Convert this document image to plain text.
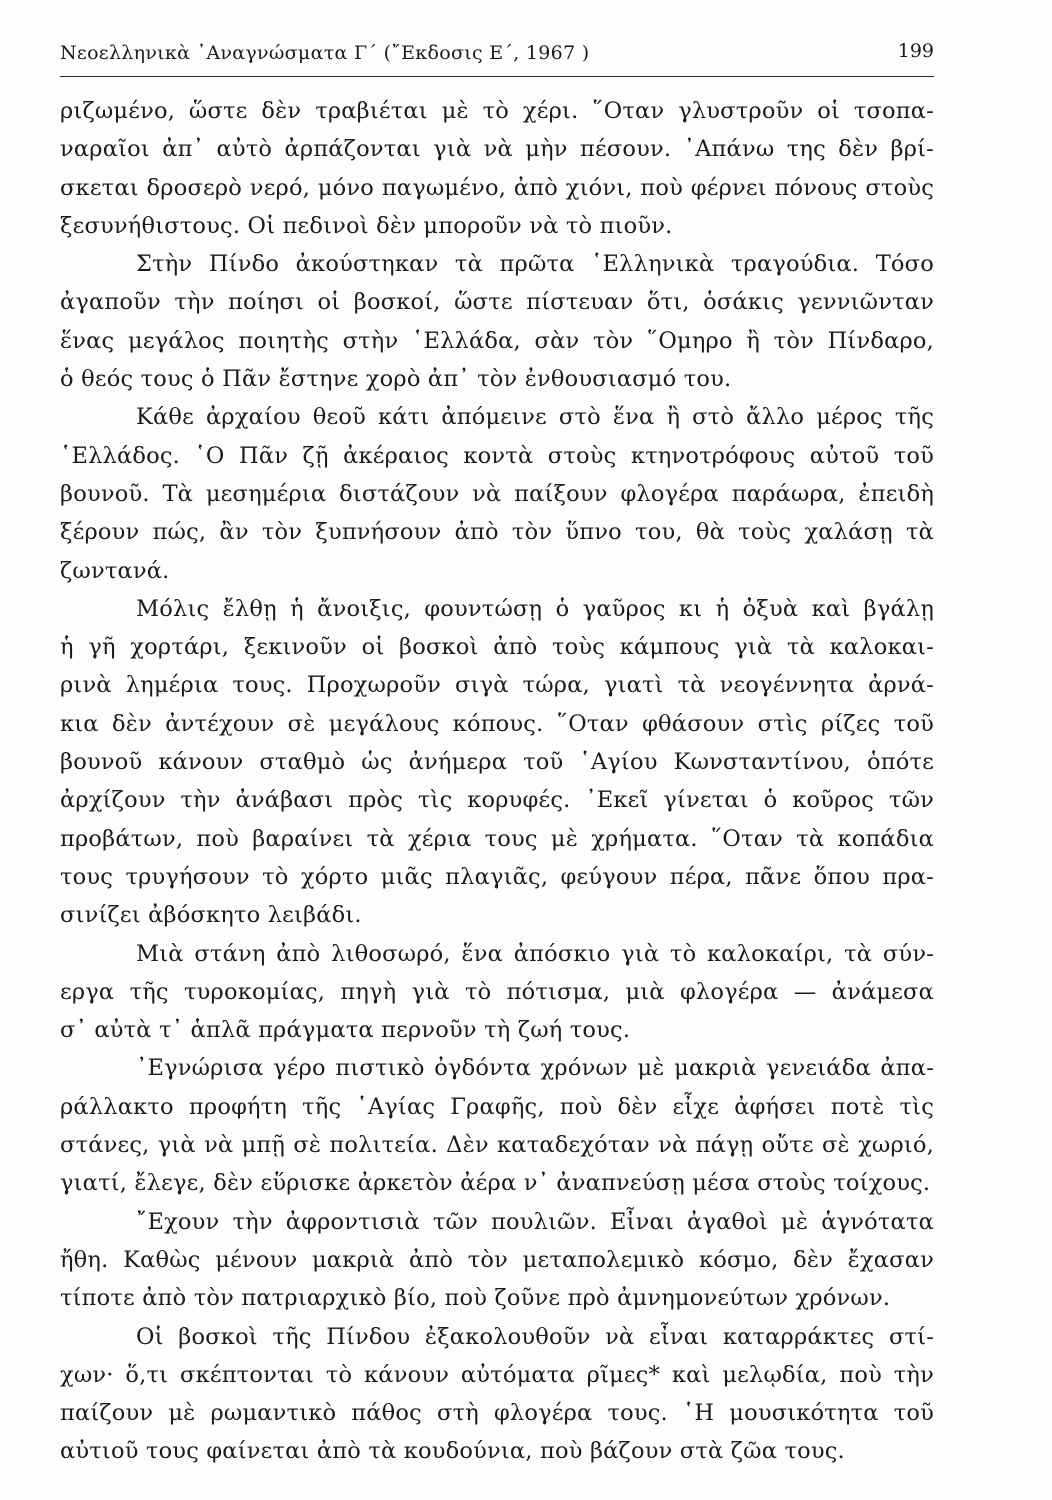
Νεοελληνικὰ ᾿Αναγνώσματα Γ΄ (῎Εκδοσις Ε΄, 1967 )	199
ριζωμένο, ὥστε δὲν τραβιέται μὲ τὸ χέρι. ῞Οταν γλυστροῦν οἱ τσοπα-
ναραῖοι ἀπ᾿ αὐτὸ ἀρπάζονται γιὰ νὰ μὴν πέσουν. ᾿Απάνω της δὲν βρί-
σκεται δροσερὸ νερό, μόνο παγωμένο, ἀπὸ χιόνι, ποὺ φέρνει πόνους στοὺς
ξεσυνήθιστους. Οἱ πεδινοὶ δὲν μποροῦν νὰ τὸ πιοῦν.
Στὴν Πίνδο ἀκούστηκαν τὰ πρῶτα ῾Ελληνικὰ τραγούδια. Τόσο
ἀγαποῦν τὴν ποίησι οἱ βοσκοί, ὥστε πίστευαν ὅτι, ὁσάκις γεννιῶνταν
ἕνας μεγάλος ποιητὴς στὴν ῾Ελλάδα, σὰν τὸν ῞Ομηρο ἢ τὸν Πίνδαρο,
ὁ θεός τους ὁ Πᾶν ἔστηνε χορὸ ἀπ᾿ τὸν ἐνθουσιασμό του.
Κάθε ἀρχαίου θεοῦ κάτι ἀπόμεινε στὸ ἕνα ἢ στὸ ἄλλο μέρος τῆς
῾Ελλάδος. ῾Ο Πᾶν ζῇ ἀκέραιος κοντὰ στοὺς κτηνοτρόφους αὐτοῦ τοῦ
βουνοῦ. Τὰ μεσημέρια διστάζουν νὰ παίξουν φλογέρα παράωρα, ἐπειδὴ
ξέρουν πώς, ἂν τὸν ξυπνήσουν ἀπὸ τὸν ὕπνο του, θὰ τοὺς χαλάσῃ τὰ
ζωντανά.
Μόλις ἔλθῃ ἡ ἄνοιξις, φουντώσῃ ὁ γαῦρος κι ἡ ὀξυὰ καὶ βγάλῃ
ἡ γῆ χορτάρι, ξεκινοῦν οἱ βοσκοὶ ἀπὸ τοὺς κάμπους γιὰ τὰ καλοκαι-
ρινὰ λημέρια τους. Προχωροῦν σιγὰ τώρα, γιατὶ τὰ νεογέννητα ἀρνά-
κια δὲν ἀντέχουν σὲ μεγάλους κόπους. ῞Οταν φθάσουν στὶς ρίζες τοῦ
βουνοῦ κάνουν σταθμὸ ὡς ἀνήμερα τοῦ ῾Αγίου Κωνσταντίνου, ὁπότε
ἀρχίζουν τὴν ἀνάβασι πρὸς τὶς κορυφές. ᾿Εκεῖ γίνεται ὁ κοῦρος τῶν
προβάτων, ποὺ βαραίνει τὰ χέρια τους μὲ χρήματα. ῞Οταν τὰ κοπάδια
τους τρυγήσουν τὸ χόρτο μιᾶς πλαγιᾶς, φεύγουν πέρα, πᾶνε ὅπου πρα-
σινίζει ἀβόσκητο λειβάδι.
Μιὰ στάνη ἀπὸ λιθοσωρό, ἕνα ἀπόσκιο γιὰ τὸ καλοκαίρι, τὰ σύν-
εργα τῆς τυροκομίας, πηγὴ γιὰ τὸ πότισμα, μιὰ φλογέρα — ἀνάμεσα
σ᾿ αὐτὰ τ᾿ ἁπλᾶ πράγματα περνοῦν τὴ ζωή τους.
᾿Εγνώρισα γέρο πιστικὸ ὀγδόντα χρόνων μὲ μακριὰ γενειάδα ἀπα-
ράλλακτο προφήτη τῆς ῾Αγίας Γραφῆς, ποὺ δὲν εἶχε ἀφήσει ποτὲ τὶς
στάνες, γιὰ νὰ μπῇ σὲ πολιτεία. Δὲν καταδεχόταν νὰ πάγῃ οὔτε σὲ χωριό,
γιατί, ἔλεγε, δὲν εὕρισκε ἀρκετὸν ἀέρα ν᾿ ἀναπνεύσῃ μέσα στοὺς τοίχους.
῎Εχουν τὴν ἀφροντισιὰ τῶν πουλιῶν. Εἶναι ἀγαθοὶ μὲ ἁγνότατα
ἤθη. Καθὼς μένουν μακριὰ ἀπὸ τὸν μεταπολεμικὸ κόσμο, δὲν ἔχασαν
τίποτε ἀπὸ τὸν πατριαρχικὸ βίο, ποὺ ζοῦνε πρὸ ἀμνημονεύτων χρόνων.
Οἱ βοσκοὶ τῆς Πίνδου ἐξακολουθοῦν νὰ εἶναι καταρράκτες στί-
χων· ὅ,τι σκέπτονται τὸ κάνουν αὐτόματα ρῖμες* καὶ μελῳδία, ποὺ τὴν
παίζουν μὲ ρωμαντικὸ πάθος στὴ φλογέρα τους. ῾Η μουσικότητα τοῦ
αὐτιοῦ τους φαίνεται ἀπὸ τὰ κουδούνια, ποὺ βάζουν στὰ ζῶα τους.
